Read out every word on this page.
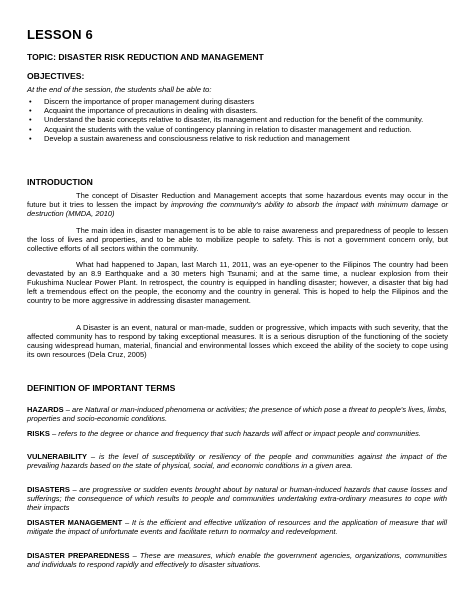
LESSON 6
TOPIC: DISASTER RISK REDUCTION AND MANAGEMENT
OBJECTIVES:
At the end of the session, the students shall be able to:
• Discern the importance of proper management during disasters
• Acquaint the importance of precautions in dealing with disasters.
• Understand the basic concepts relative to disaster, its management and reduction for the benefit of the community.
• Acquaint the students with the value of contingency planning in relation to disaster management and reduction.
• Develop a sustain awareness and consciousness relative to risk reduction and management
INTRODUCTION

The concept of Disaster Reduction and Management accepts that some hazardous events may occur in the future but it tries to lessen the impact by improving the community's ability to absorb the impact with minimum damage or destruction (MMDA, 2010)

The main idea in disaster management is to be able to raise awareness and preparedness of people to lessen the loss of lives and properties, and to be able to mobilize people to safety. This is not a government concern only, but collective efforts of all sectors within the community.

What had happened to Japan, last March 11, 2011, was an eye-opener to the Filipinos The country had been devastated by an 8.9 Earthquake and a 30 meters high Tsunami; and at the same time, a nuclear explosion from their Fukushima Nuclear Power Plant. In retrospect, the country is equipped in handling disaster; however, a disaster that big had left a tremendous effect on the people, the economy and the country in general. This is hoped to help the Filipinos and the country to be more aggressive in addressing disaster management.

A Disaster is an event, natural or man-made, sudden or progressive, which impacts with such severity, that the affected community has to respond by taking exceptional measures. It is a serious disruption of the functioning of the society causing widespread human, material, financial and environmental losses which exceed the ability of the society to cope using its own resources (Dela Cruz, 2005)

DEFINITION OF IMPORTANT TERMS

HAZARDS – are Natural or man-induced phenomena or activities; the presence of which pose a threat to people's lives, limbs, properties and socio-economic conditions.

RISKS – refers to the degree or chance and frequency that such hazards will affect or impact people and communities.

VULNERABILITY – is the level of susceptibility or resiliency of the people and communities against the impact of the prevailing hazards based on the state of physical, social, and economic conditions in a given area.

DISASTERS – are progressive or sudden events brought about by natural or human-induced hazards that cause losses and sufferings; the consequence of which results to people and communities undertaking extra-ordinary measures to cope with their impacts

DISASTER MANAGEMENT – It is the efficient and effective utilization of resources and the application of measure that will mitigate the impact of unfortunate events and facilitate return to normalcy and redevelopment.

DISASTER PREPAREDNESS – These are measures, which enable the government agencies, organizations, communities and individuals to respond rapidly and effectively to disaster situations.
